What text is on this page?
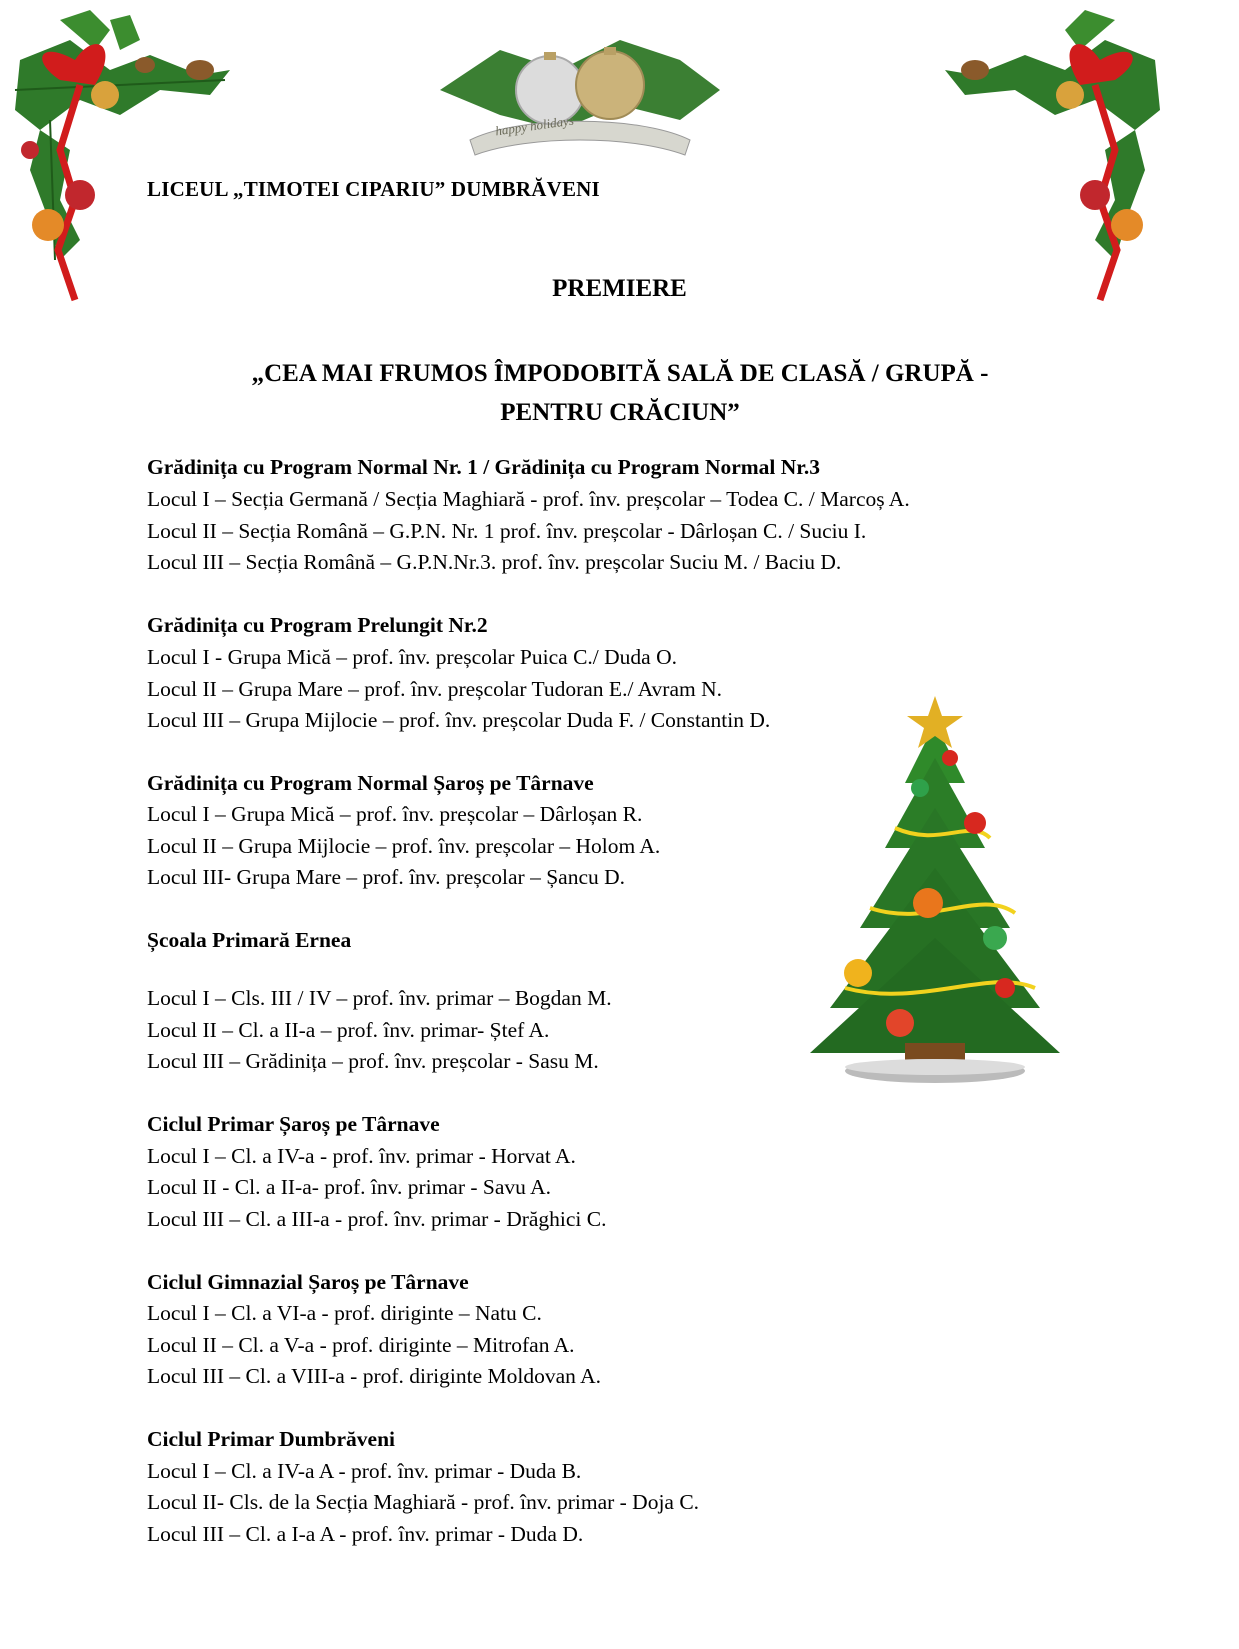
happy holidays
LICEUL „TIMOTEI CIPARIU” DUMBRĂVENI
PREMIERE
„CEA MAI FRUMOS ÎMPODOBITĂ SALĂ DE CLASĂ / GRUPĂ -
PENTRU CRĂCIUN”
Grădinița cu Program Normal Nr. 1 / Grădinița cu Program Normal Nr.3
Locul I – Secția Germană / Secția Maghiară - prof. înv. preșcolar – Todea C. / Marcoș A.
Locul II – Secția Română – G.P.N. Nr. 1 prof. înv. preșcolar - Dârloșan C. / Suciu I.
Locul III – Secția Română – G.P.N.Nr.3. prof. înv. preșcolar Suciu M. / Baciu D.
Grădinița cu Program Prelungit Nr.2
Locul I - Grupa Mică – prof. înv. preșcolar Puica C./ Duda O.
Locul II – Grupa Mare – prof. înv. preșcolar Tudoran E./ Avram N.
Locul III – Grupa Mijlocie – prof. înv. preșcolar Duda F. / Constantin D.
Grădinița cu Program Normal Șaroș pe Târnave
Locul I – Grupa Mică – prof. înv. preșcolar – Dârloșan R.
Locul II – Grupa Mijlocie – prof. înv. preșcolar – Holom A.
Locul III- Grupa Mare – prof. înv. preșcolar – Șancu D.
Școala Primară Ernea
Locul I – Cls. III / IV – prof. înv. primar – Bogdan M.
Locul II – Cl. a II-a – prof. înv. primar- Ștef A.
Locul III – Grădinița – prof. înv. preșcolar - Sasu M.
Ciclul Primar Șaroș pe Târnave
Locul I – Cl. a IV-a - prof. înv. primar - Horvat A.
Locul II - Cl. a II-a- prof. înv. primar - Savu A.
Locul III – Cl. a III-a - prof. înv. primar - Drăghici C.
Ciclul Gimnazial Șaroș pe Târnave
Locul I – Cl. a VI-a - prof. diriginte – Natu C.
Locul II – Cl. a V-a - prof. diriginte – Mitrofan A.
Locul III – Cl. a VIII-a - prof. diriginte Moldovan A.
Ciclul Primar Dumbrăveni
Locul I – Cl. a IV-a A - prof. înv. primar - Duda B.
Locul II- Cls. de la Secția Maghiară - prof. înv. primar - Doja C.
Locul III – Cl. a I-a A - prof. înv. primar - Duda D.
